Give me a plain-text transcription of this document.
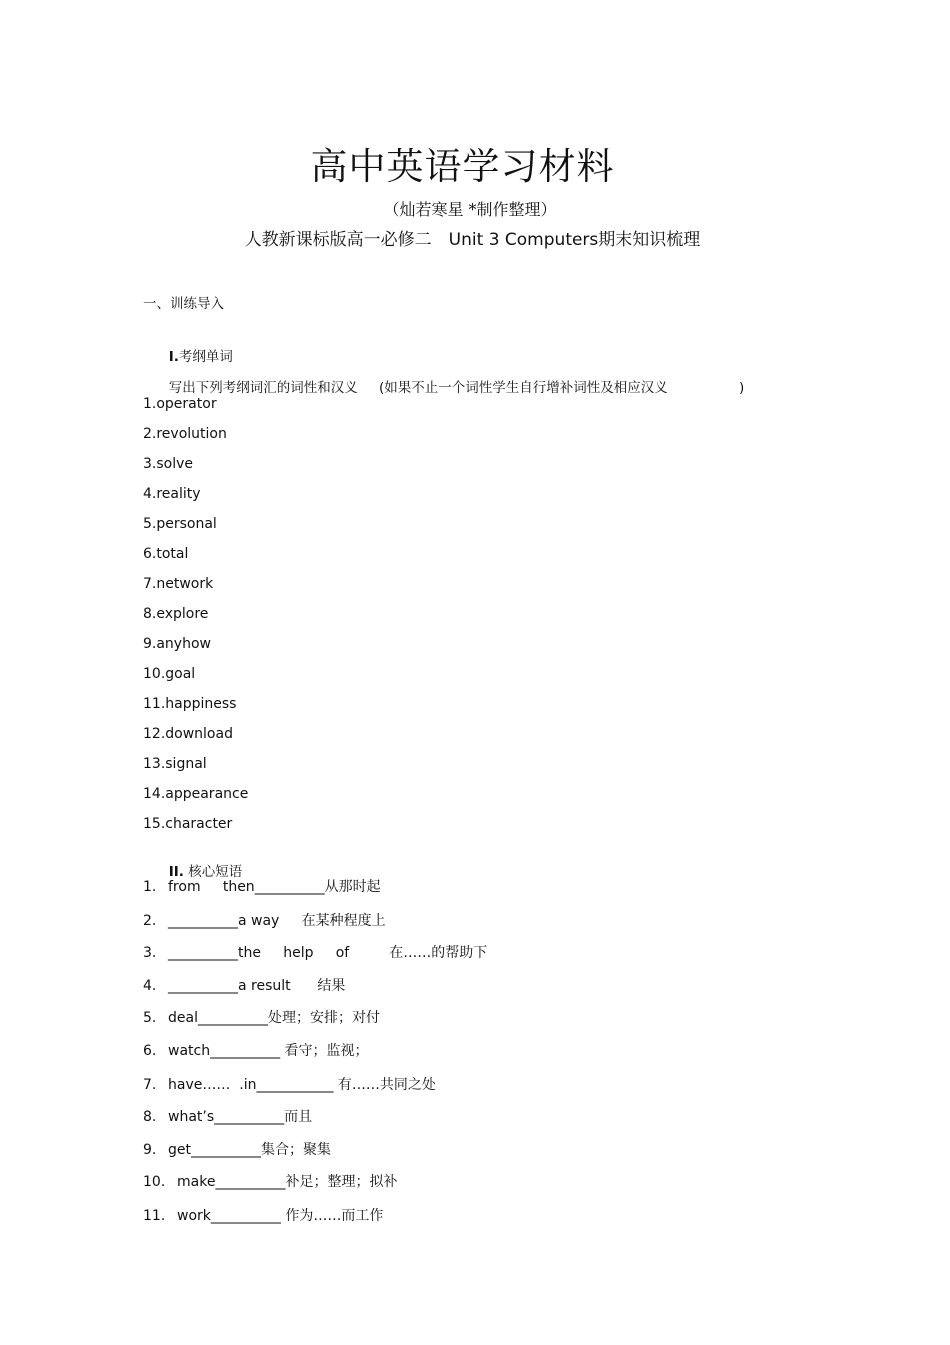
高中英语学习材料
（灿若寒星 *制作整理）
人教新课标版高一必修二　Unit 3 Computers期末知识梳理
一、训练导入

I.考纲单词

写出下列考纲词汇的词性和汉义 (如果不止一个词性学生自行增补词性及相应汉义	)

1.operator
2.revolution
3.solve
4.reality
5.personal
6.total
7.network
8.explore
9.anyhow
10.goal
11.happiness
12.download
13.signal
14.appearance
15.character

II. 核心短语

1. from     then__________从那时起
2. __________a way     在某种程度上
3. __________the     help     of         在……的帮助下
4. __________a result      结果
5. deal__________处理；安排；对付
6. watch__________ 看守；监视；
7. have……  .in___________ 有……共同之处
8. what’s__________而且
9. get__________集合；聚集
10. make__________补足；整理；拟补
11. work__________ 作为……而工作
